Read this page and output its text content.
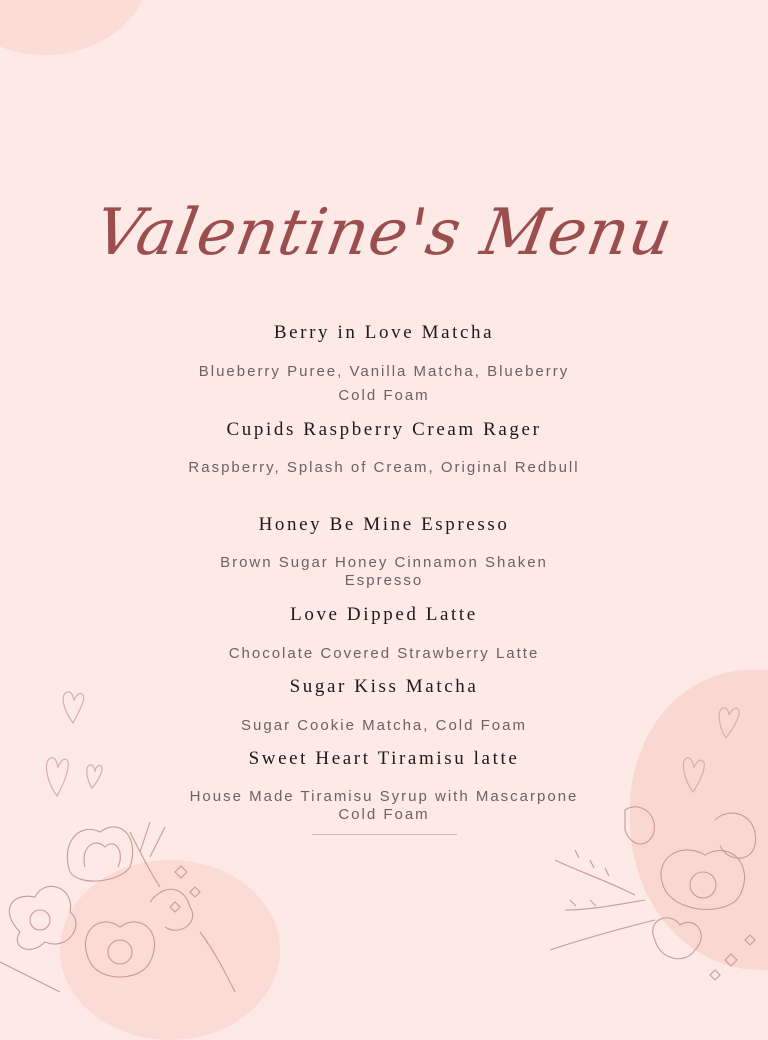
Valentine's Menu
Berry in Love Matcha
Blueberry Puree, Vanilla Matcha, Blueberry Cold Foam
Cupids Raspberry Cream Rager
Raspberry, Splash of Cream, Original Redbull
Honey Be Mine Espresso
Brown Sugar Honey Cinnamon Shaken Espresso
Love Dipped Latte
Chocolate Covered Strawberry Latte
Sugar Kiss Matcha
Sugar Cookie Matcha, Cold Foam
Sweet Heart Tiramisu latte
House Made Tiramisu Syrup with Mascarpone Cold Foam
